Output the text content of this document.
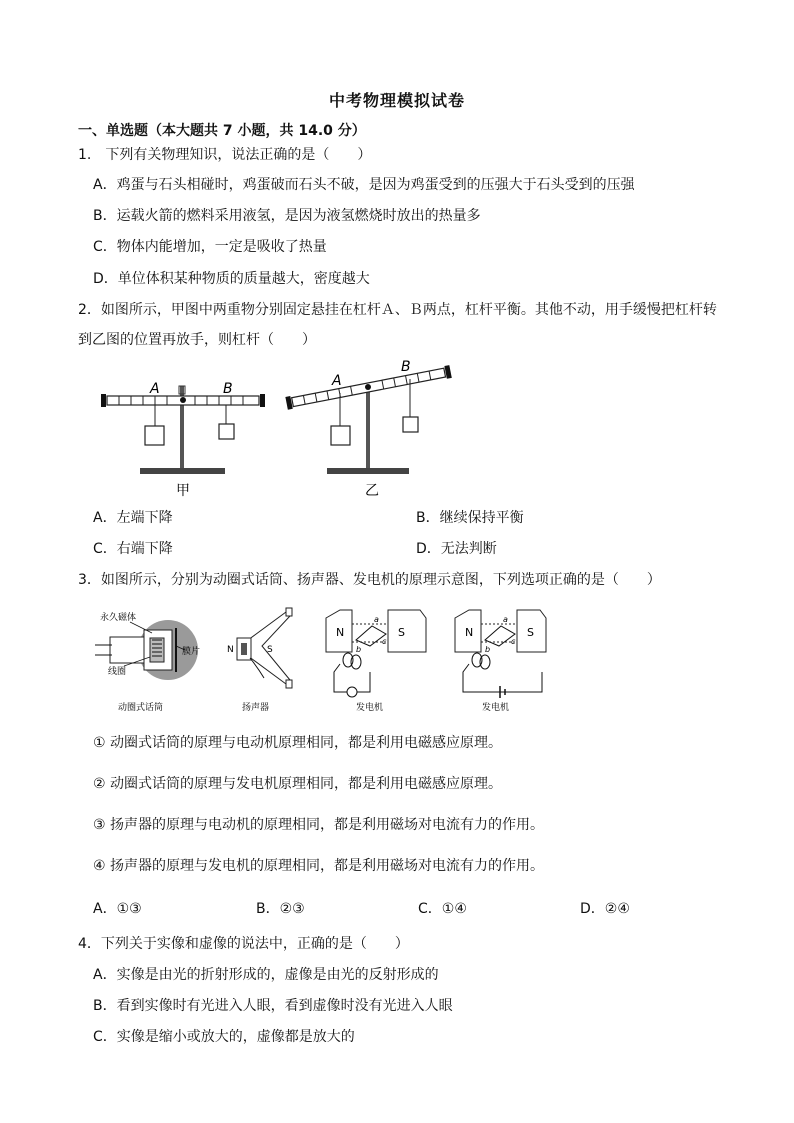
中考物理模拟试卷
一、单选题（本大题共 7 小题，共 14.0 分）
1.　下列有关物理知识，说法正确的是（　　）
A．鸡蛋与石头相碰时，鸡蛋破而石头不破，是因为鸡蛋受到的压强大于石头受到的压强
B．运载火箭的燃料采用液氢，是因为液氢燃烧时放出的热量多
C．物体内能增加，一定是吸收了热量
D．单位体积某种物质的质量越大，密度越大
2．如图所示，甲图中两重物分别固定悬挂在杠杆Ａ、Ｂ两点，杠杆平衡。其他不动，用手缓慢把杠杆转
到乙图的位置再放手，则杠杆（　　）
A	B
甲
A
B
乙
A．左端下降	B．继续保持平衡
C．右端下降	D．无法判断
3．如图所示，分别为动圈式话筒、扬声器、发电机的原理示意图，下列选项正确的是（　　）
永久磁体
膜片
线圈
动圈式话筒
N	S
扬声器
N	S
a
b
c
发电机
N	S
a
b
c
发电机
① 动圈式话筒的原理与电动机原理相同，都是利用电磁感应原理。
② 动圈式话筒的原理与发电机原理相同，都是利用电磁感应原理。
③ 扬声器的原理与电动机的原理相同，都是利用磁场对电流有力的作用。
④ 扬声器的原理与发电机的原理相同，都是利用磁场对电流有力的作用。
A．①③	B．②③	C．①④	D．②④
4．下列关于实像和虚像的说法中，正确的是（　　）
A．实像是由光的折射形成的，虚像是由光的反射形成的
B．看到实像时有光进入人眼，看到虚像时没有光进入人眼
C．实像是缩小或放大的，虚像都是放大的
